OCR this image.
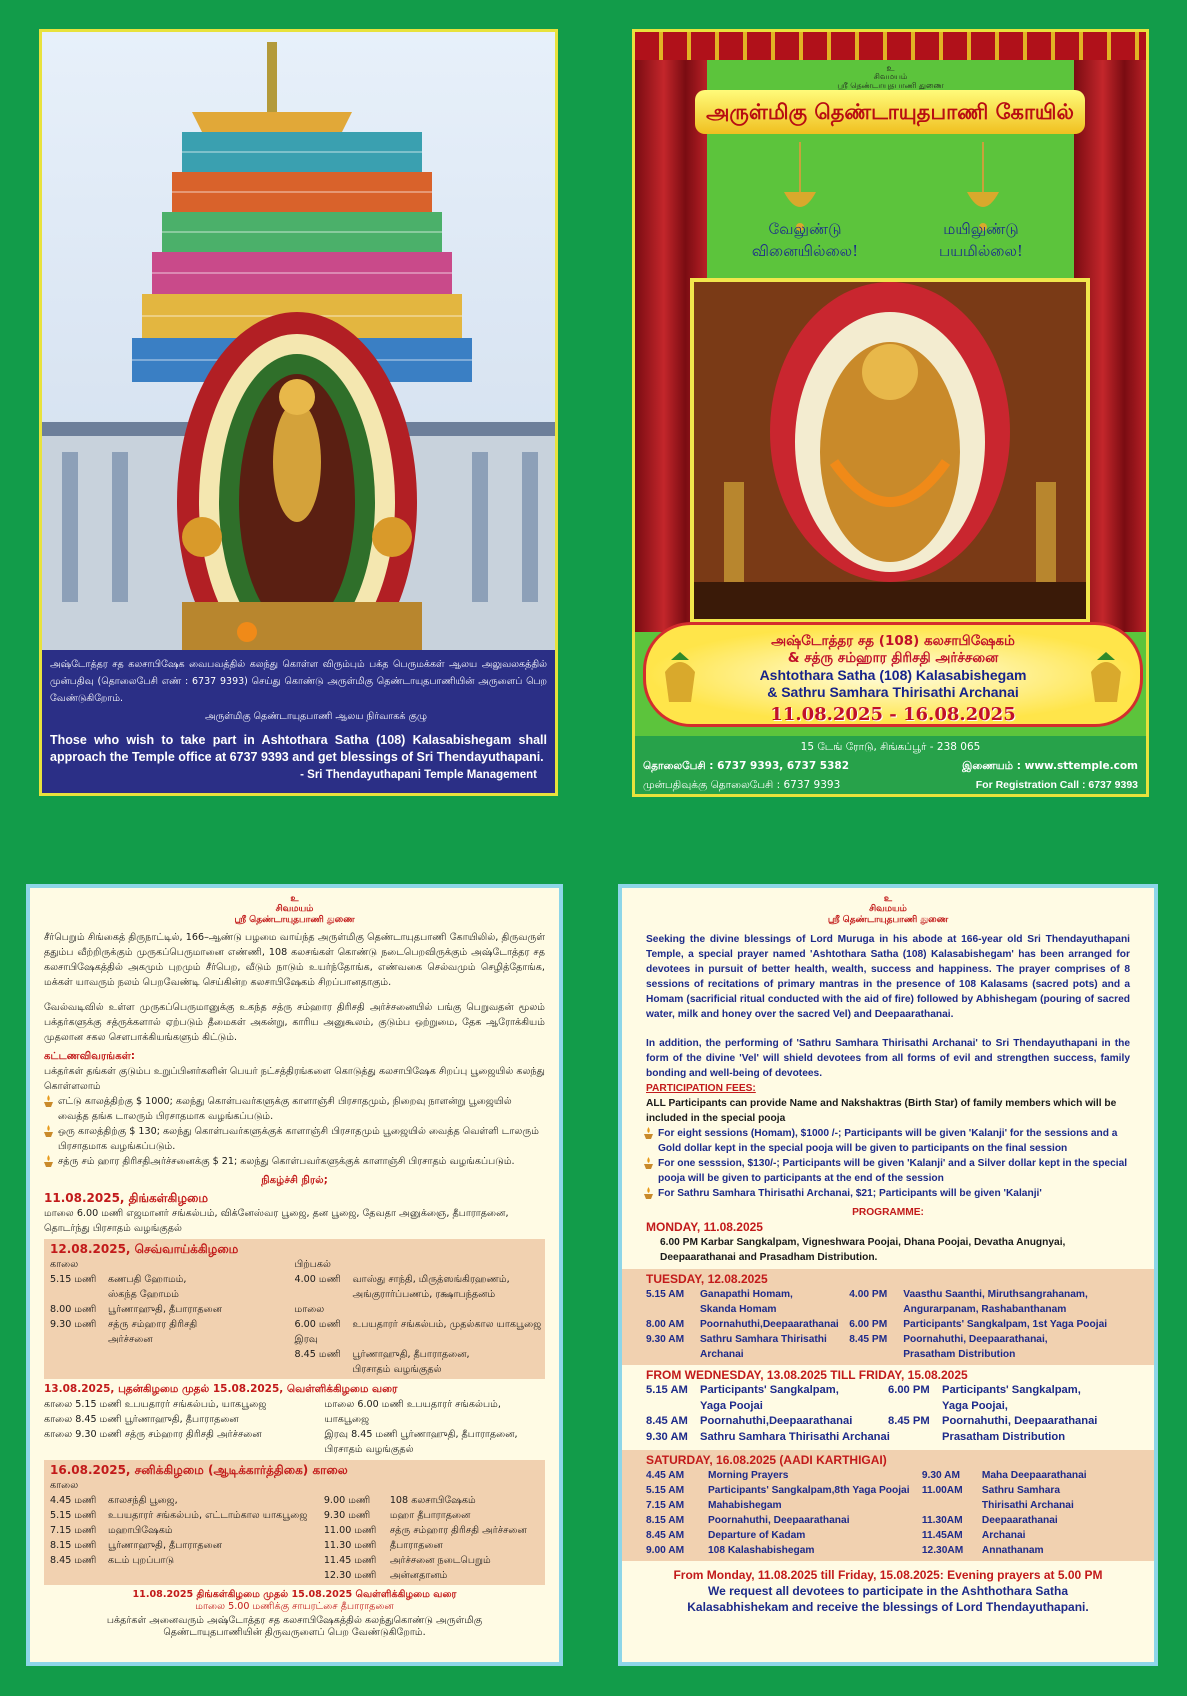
அஷ்டோத்தர சத கலசாபிஷேக வைபவத்தில் கலந்து கொள்ள விரும்பும் பக்த பெருமக்கள் ஆலய அலுவலகத்தில் முன்பதிவு (தொலைபேசி எண் : 6737 9393) செய்து கொண்டு அருள்மிகு தெண்டாயுதபாணியின் அருளைப் பெற வேண்டுகிறோம்.
அருள்மிகு தெண்டாயுதபாணி ஆலய நிர்வாகக் குழு
Those who wish to take part in Ashtothara Satha (108) Kalasabishegam shall approach the Temple office at 6737 9393 and get blessings of Sri Thendayuthapani.
- Sri Thendayuthapani Temple Management
உ
சிவமயம்
ஸ்ரீ தெண்டாயுதபாணி துணை
அருள்மிகு தெண்டாயுதபாணி கோயில்
வேலுண்டு
வினையில்லை!
மயிலுண்டு
பயமில்லை!
அஷ்டோத்தர சத (108) கலசாபிஷேகம்
& சத்ரு சம்ஹார திரிசதி அர்ச்சனை
Ashtothara Satha (108) Kalasabishegam
& Sathru Samhara Thirisathi Archanai
11.08.2025 - 16.08.2025
15 டேங் ரோடு, சிங்கப்பூர் - 238 065
தொலைபேசி : 6737 9393, 6737 5382	இணையம் : www.sttemple.com
முன்பதிவுக்கு தொலைபேசி : 6737 9393	For Registration Call : 6737 9393
உ
சிவமயம்
ஸ்ரீ தெண்டாயுதபாணி துணை
சீர்பெறும் சிங்கைத் திருநாட்டில், 166–ஆண்டு பழமை வாய்ந்த அருள்மிகு தெண்டாயுதபாணி கோயிலில், திருவருள் ததும்ப வீற்றிருக்கும் முருகப்பெருமானை எண்ணி, 108 கலசங்கள் கொண்டு நடைபெறவிருக்கும் அஷ்டோத்தர சத கலசாபிஷேகத்தில் அகமும் புறமும் சீர்பெற, வீடும் நாடும் உயர்ந்தோங்க, எண்வகை செல்வமும் செழித்தோங்க, மக்கள் யாவரும் நலம் பெறவேண்டி செய்கின்ற கலசாபிஷேகம் சிறப்பானதாகும்.
வேல்வடிவில் உள்ள முருகப்பெருமானுக்கு உகந்த சத்ரு சம்ஹார திரிசதி அர்ச்சனையில் பங்கு பெறுவதன் மூலம் பக்தர்களுக்கு சத்ருக்களால் ஏற்படும் தீமைகள் அகன்று, காரிய அனுகூலம், குடும்ப ஒற்றுமை, தேக ஆரோக்கியம் முதலான சகல சௌபாக்கியங்களும் கிட்டும்.
கட்டணவிவரங்கள்:
பக்தர்கள் தங்கள் குடும்ப உறுப்பினர்களின் பெயர் நட்சத்திரங்களை கொடுத்து கலசாபிஷேக சிறப்பு பூஜையில் கலந்து கொள்ளலாம்
எட்டு காலத்திற்கு $ 1000; கலந்து கொள்பவர்களுக்கு காளாஞ்சி பிரசாதமும், நிறைவு நாளன்று பூஜையில் வைத்த தங்க டாலரும் பிரசாதமாக வழங்கப்படும்.
ஒரு காலத்திற்கு $ 130; கலந்து கொள்பவர்களுக்குக் காளாஞ்சி பிரசாதமும் பூஜையில் வைத்த வெள்ளி டாலரும் பிரசாதமாக வழங்கப்படும்.
சத்ரு சம் ஹார திரிசதிஅர்ச்சனைக்கு $ 21; கலந்து கொள்பவர்களுக்குக் காளாஞ்சி பிரசாதம் வழங்கப்படும்.
நிகழ்ச்சி நிரல்;
11.08.2025, திங்கள்கிழமை
மாலை 6.00 மணி எஜமானர் சங்கல்பம், விக்னேஸ்வர பூஜை, தன பூஜை, தேவதா அனுக்ஞை, தீபாராதனை, தொடர்ந்து பிரசாதம் வழங்குதல்
12.08.2025, செவ்வாய்க்கிழமை
காலை
5.15 மணி கணபதி ஹோமம்,
ஸ்கந்த ஹோமம்
8.00 மணி பூர்ணாஹுதி, தீபாராதனை
9.30 மணி சத்ரு சம்ஹார திரிசதி
அர்ச்சனை
பிற்பகல்
4.00 மணி வாஸ்து சாந்தி, மிருத்ஸங்கிரஹணம்,
அங்குரார்ப்பணம், ரக்ஷாபந்தனம்
மாலை
6.00 மணி உபயதாரர் சங்கல்பம், முதல்கால யாகபூஜை
இரவு
8.45 மணி பூர்ணாஹுதி, தீபாராதனை,
பிரசாதம் வழங்குதல்
13.08.2025, புதன்கிழமை முதல் 15.08.2025, வெள்ளிக்கிழமை வரை
காலை 5.15 மணி உபயதாரர் சங்கல்பம், யாகபூஜை
காலை 8.45 மணி பூர்ணாஹுதி, தீபாராதனை
காலை 9.30 மணி சத்ரு சம்ஹார திரிசதி அர்ச்சனை
மாலை 6.00 மணி உபயதாரர் சங்கல்பம்,
யாகபூஜை
இரவு 8.45 மணி பூர்ணாஹுதி, தீபாராதனை,
பிரசாதம் வழங்குதல்
16.08.2025, சனிக்கிழமை (ஆடிக்கார்த்திகை) காலை
காலை
4.45 மணி காலசந்தி பூஜை,
5.15 மணி உபயதாரர் சங்கல்பம், எட்டாம்கால யாகபூஜை
7.15 மணி மஹாபிஷேகம்
8.15 மணி பூர்ணாஹுதி, தீபாராதனை
8.45 மணி கடம் புறப்பாடு
9.00 மணி 108 கலசாபிஷேகம்
9.30 மணி மஹா தீபாராதனை
11.00 மணி சத்ரு சம்ஹார திரிசதி அர்ச்சனை
11.30 மணி தீபாராதனை
11.45 மணி அர்ச்சனை நடைபெறும்
12.30 மணி அன்னதானம்
11.08.2025 திங்கள்கிழமை முதல் 15.08.2025 வெள்ளிக்கிழமை வரை
மாலை 5.00 மணிக்கு சாயரட்சை தீபாராதனை
பக்தர்கள் அனைவரும் அஷ்டோத்தர சத கலசாபிஷேகத்தில் கலந்துகொண்டு அருள்மிகு தெண்டாயுதபாணியின் திருவருளைப் பெற வேண்டுகிறோம்.
உ
சிவமயம்
ஸ்ரீ தெண்டாயுதபாணி துணை
Seeking the divine blessings of Lord Muruga in his abode at 166-year old Sri Thendayuthapani Temple, a special prayer named 'Ashtothara Satha (108) Kalasabishegam' has been arranged for devotees in pursuit of better health, wealth, success and happiness. The prayer comprises of 8 sessions of recitations of primary mantras in the presence of 108 Kalasams (sacred pots) and a Homam (sacrificial ritual conducted with the aid of fire) followed by Abhishegam (pouring of sacred water, milk and honey over the sacred Vel) and Deepaarathanai.
In addition, the performing of 'Sathru Samhara Thirisathi Archanai' to Sri Thendayuthapani in the form of the divine 'Vel' will shield devotees from all forms of evil and strengthen success, family bonding and well-being of devotees.
PARTICIPATION FEES:
ALL Participants can provide Name and Nakshaktras (Birth Star) of family members which will be included in the special pooja
For eight sessions (Homam), $1000 /-; Participants will be given 'Kalanji' for the sessions and a Gold dollar kept in the special pooja will be given to participants on the final session
For one sesssion, $130/-; Participants will be given 'Kalanji' and a Silver dollar kept in the special pooja will be given to participants at the end of the session
For Sathru Samhara Thirisathi Archanai, $21; Participants will be given 'Kalanji'
PROGRAMME:
MONDAY, 11.08.2025
6.00 PM Karbar Sangkalpam, Vigneshwara Poojai, Dhana Poojai, Devatha Anugnyai, Deepaarathanai and Prasadham Distribution.
TUESDAY, 12.08.2025
5.15 AM Ganapathi Homam,
Skanda Homam
8.00 AM Poornahuthi,Deepaarathanai
9.30 AM Sathru Samhara Thirisathi
Archanai
4.00 PM Vaasthu Saanthi, Miruthsangrahanam,
Angurarpanam, Rashabanthanam
6.00 PM Participants' Sangkalpam, 1st Yaga Poojai
8.45 PM Poornahuthi, Deepaarathanai,
Prasatham Distribution
FROM WEDNESDAY, 13.08.2025 TILL FRIDAY, 15.08.2025
5.15 AM Participants' Sangkalpam,
Yaga Poojai
8.45 AM Poornahuthi,Deepaarathanai
9.30 AM Sathru Samhara Thirisathi Archanai
6.00 PM Participants' Sangkalpam,
Yaga Poojai,
8.45 PM Poornahuthi, Deepaarathanai
Prasatham Distribution
SATURDAY, 16.08.2025 (AADI KARTHIGAI)
4.45 AM Morning Prayers
5.15 AM Participants' Sangkalpam,8th Yaga Poojai
7.15 AM Mahabishegam
8.15 AM Poornahuthi, Deepaarathanai
8.45 AM Departure of Kadam
9.00 AM 108 Kalashabishegam
9.30 AM Maha Deepaarathanai
11.00AM Sathru Samhara
Thirisathi Archanai
11.30AM Deepaarathanai
11.45AM Archanai
12.30AM Annathanam
From Monday, 11.08.2025 till Friday, 15.08.2025: Evening prayers at 5.00 PM
We request all devotees to participate in the Ashthothara Satha Kalasabhishekam and receive the blessings of Lord Thendayuthapani.
